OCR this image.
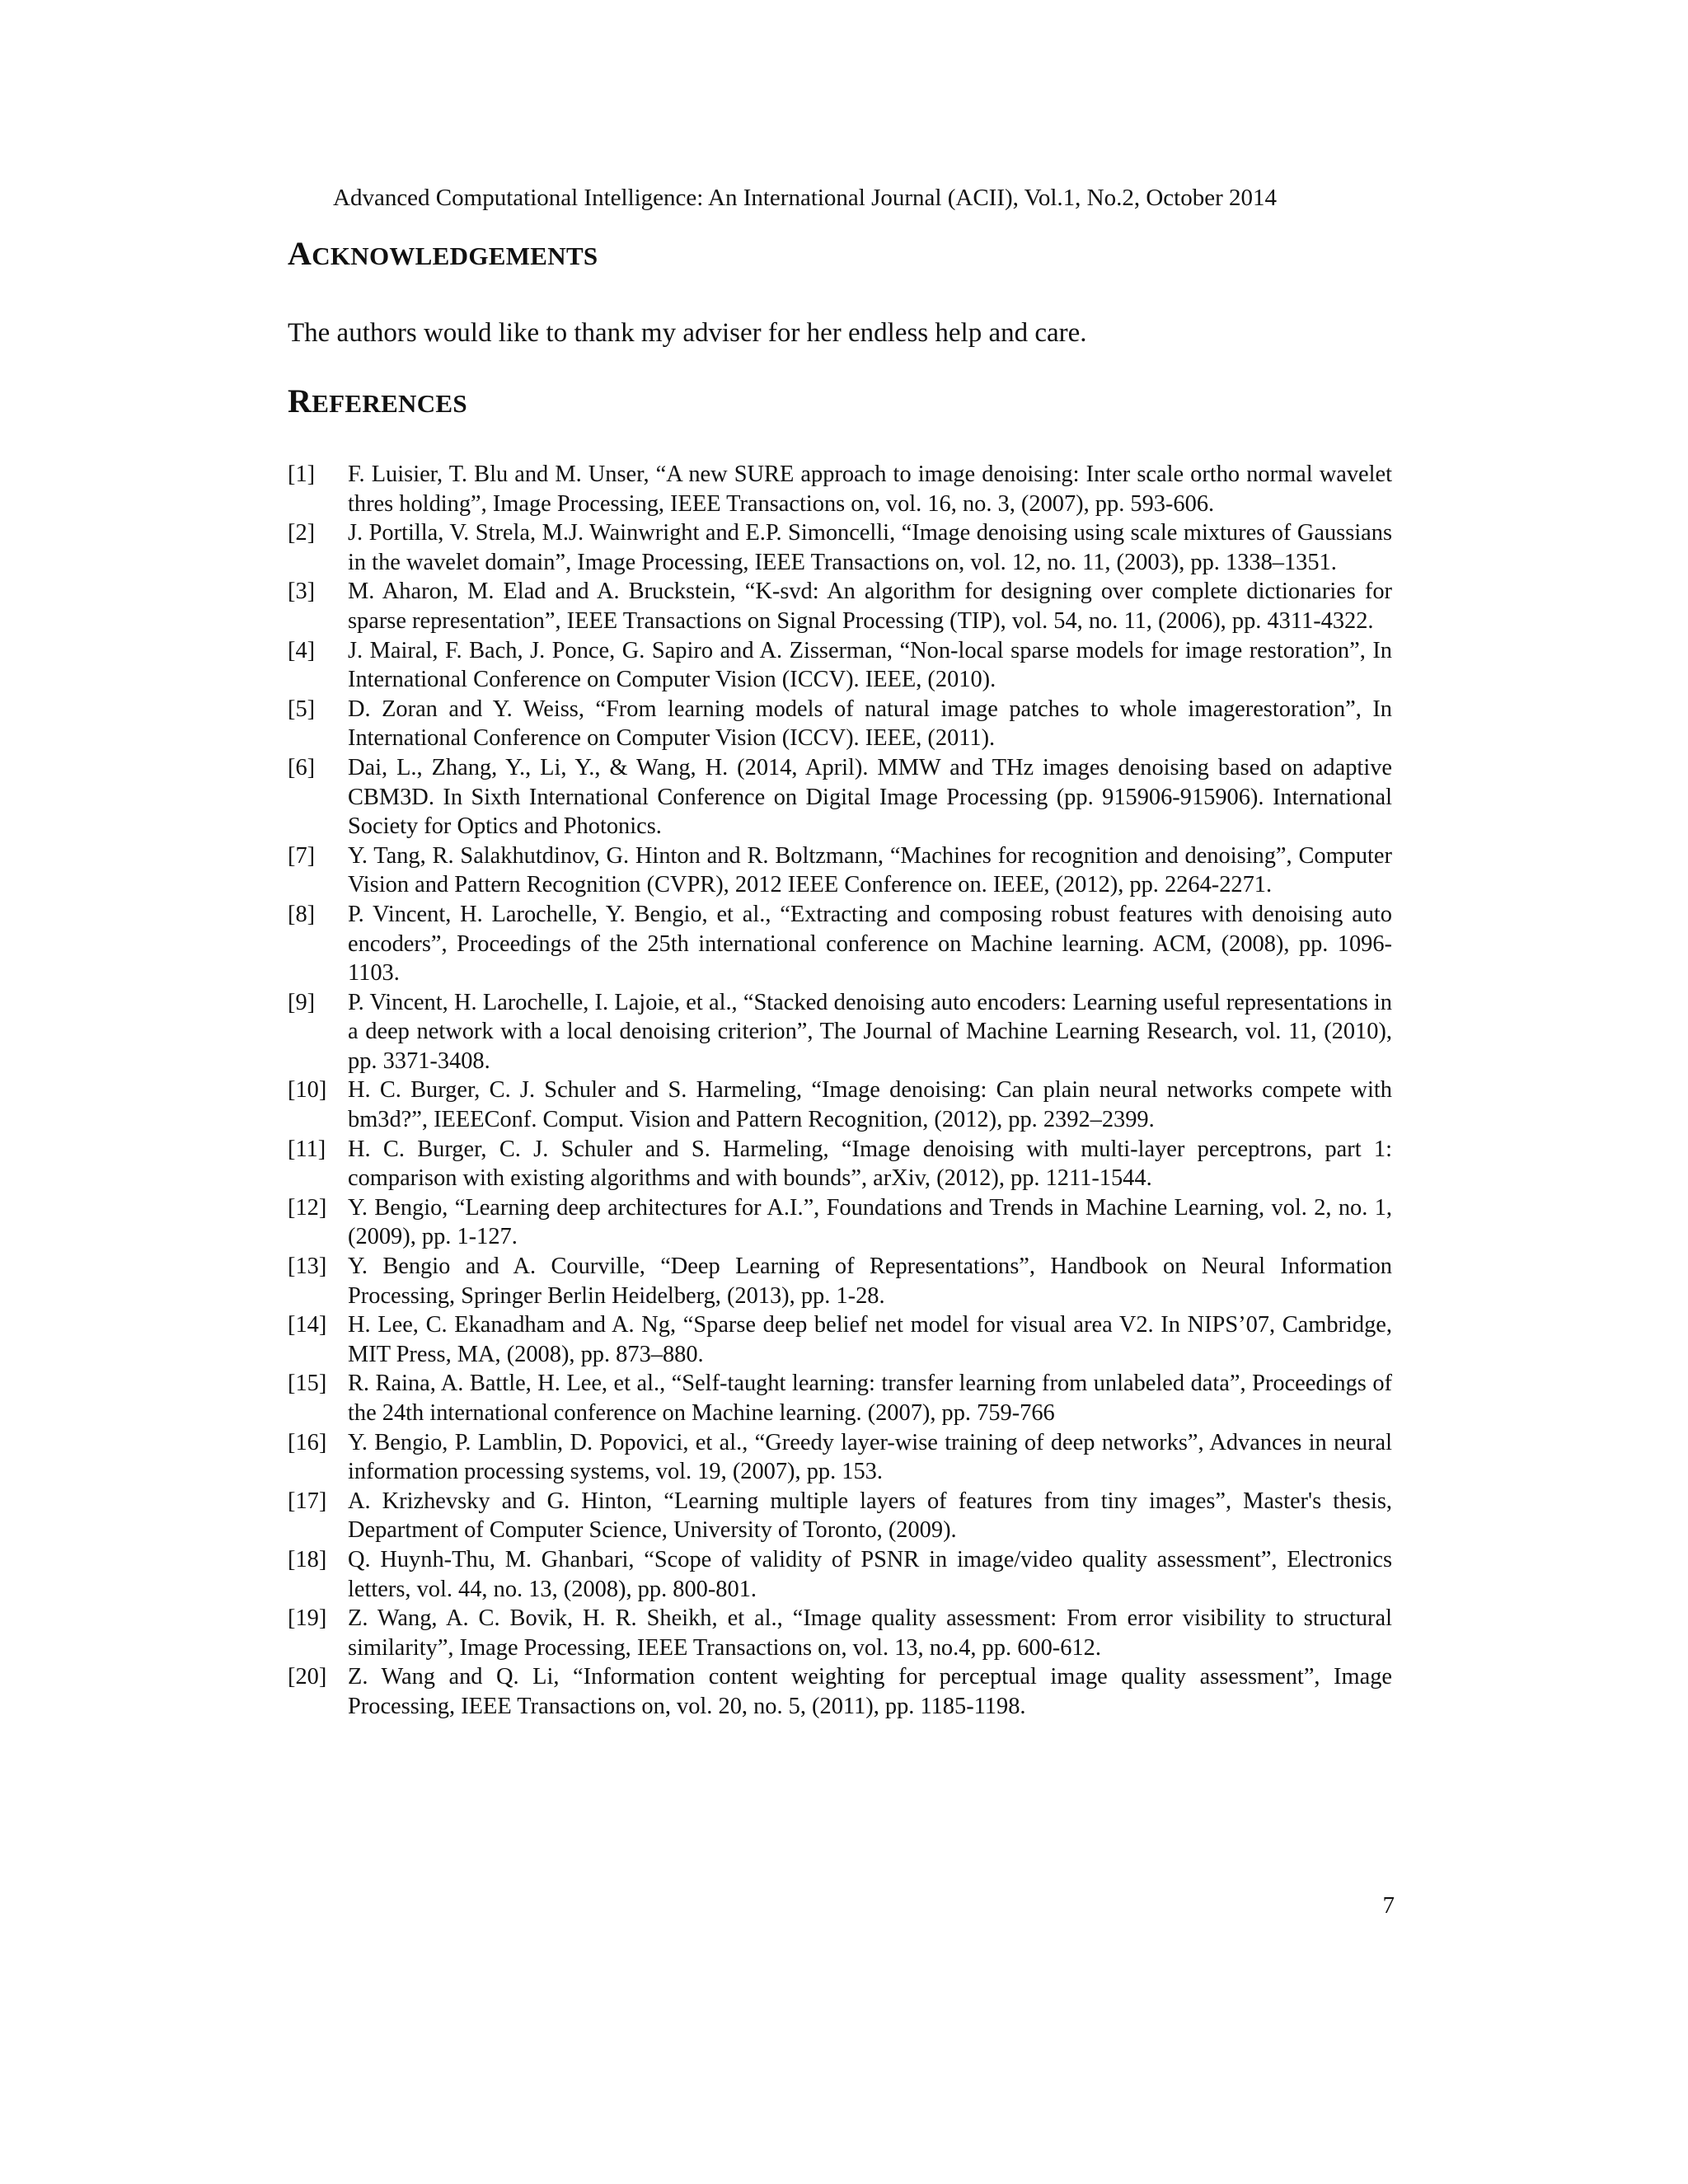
Advanced Computational Intelligence: An International Journal (ACII), Vol.1, No.2, October 2014
ACKNOWLEDGEMENTS
The authors would like to thank my adviser for her endless help and care.
REFERENCES
[1]	F. Luisier, T. Blu and M. Unser, “A new SURE approach to image denoising: Inter scale ortho normal wavelet thres holding”, Image Processing, IEEE Transactions on, vol. 16, no. 3, (2007), pp. 593-606.
[2]	J. Portilla, V. Strela, M.J. Wainwright and E.P. Simoncelli, “Image denoising using scale mixtures of Gaussians in the wavelet domain”, Image Processing, IEEE Transactions on, vol. 12, no. 11, (2003), pp. 1338–1351.
[3]	M. Aharon, M. Elad and A. Bruckstein, “K-svd: An algorithm for designing over complete dictionaries for sparse representation”, IEEE Transactions on Signal Processing (TIP), vol. 54, no. 11, (2006), pp. 4311-4322.
[4]	J. Mairal, F. Bach, J. Ponce, G. Sapiro and A. Zisserman, “Non-local sparse models for image restoration”, In International Conference on Computer Vision (ICCV). IEEE, (2010).
[5]	D. Zoran and Y. Weiss, “From learning models of natural image patches to whole imagerestoration”, In International Conference on Computer Vision (ICCV). IEEE, (2011).
[6]	Dai, L., Zhang, Y., Li, Y., & Wang, H. (2014, April). MMW and THz images denoising based on adaptive CBM3D. In Sixth International Conference on Digital Image Processing (pp. 915906-915906). International Society for Optics and Photonics.
[7]	Y. Tang, R. Salakhutdinov, G. Hinton and R. Boltzmann, “Machines for recognition and denoising”, Computer Vision and Pattern Recognition (CVPR), 2012 IEEE Conference on. IEEE, (2012), pp. 2264-2271.
[8]	P. Vincent, H. Larochelle, Y. Bengio, et al., “Extracting and composing robust features with denoising auto encoders”, Proceedings of the 25th international conference on Machine learning. ACM, (2008), pp. 1096-1103.
[9]	P. Vincent, H. Larochelle, I. Lajoie, et al., “Stacked denoising auto encoders: Learning useful representations in a deep network with a local denoising criterion”, The Journal of Machine Learning Research, vol. 11, (2010), pp. 3371-3408.
[10] H. C. Burger, C. J. Schuler and S. Harmeling, “Image denoising: Can plain neural networks compete with bm3d?”, IEEEConf. Comput. Vision and Pattern Recognition, (2012), pp. 2392–2399.
[11] H. C. Burger, C. J. Schuler and S. Harmeling, “Image denoising with multi-layer perceptrons, part 1: comparison with existing algorithms and with bounds”, arXiv, (2012), pp. 1211-1544.
[12] Y. Bengio, “Learning deep architectures for A.I.”, Foundations and Trends in Machine Learning, vol. 2, no. 1, (2009), pp. 1-127.
[13] Y. Bengio and A. Courville, “Deep Learning of Representations”, Handbook on Neural Information Processing, Springer Berlin Heidelberg, (2013), pp. 1-28.
[14] H. Lee, C. Ekanadham and A. Ng, “Sparse deep belief net model for visual area V2. In NIPS’07, Cambridge, MIT Press, MA, (2008), pp. 873–880.
[15] R. Raina, A. Battle, H. Lee, et al., “Self-taught learning: transfer learning from unlabeled data”, Proceedings of the 24th international conference on Machine learning. (2007), pp. 759-766
[16] Y. Bengio, P. Lamblin, D. Popovici, et al., “Greedy layer-wise training of deep networks”, Advances in neural information processing systems, vol. 19, (2007), pp. 153.
[17] A. Krizhevsky and G. Hinton, “Learning multiple layers of features from tiny images”, Master's thesis, Department of Computer Science, University of Toronto, (2009).
[18] Q. Huynh-Thu, M. Ghanbari, “Scope of validity of PSNR in image/video quality assessment”, Electronics letters, vol. 44, no. 13, (2008), pp. 800-801.
[19] Z. Wang, A. C. Bovik, H. R. Sheikh, et al., “Image quality assessment: From error visibility to structural similarity”, Image Processing, IEEE Transactions on, vol. 13, no.4, pp. 600-612.
[20] Z. Wang and Q. Li, “Information content weighting for perceptual image quality assessment”, Image Processing, IEEE Transactions on, vol. 20, no. 5, (2011), pp. 1185-1198.
7
